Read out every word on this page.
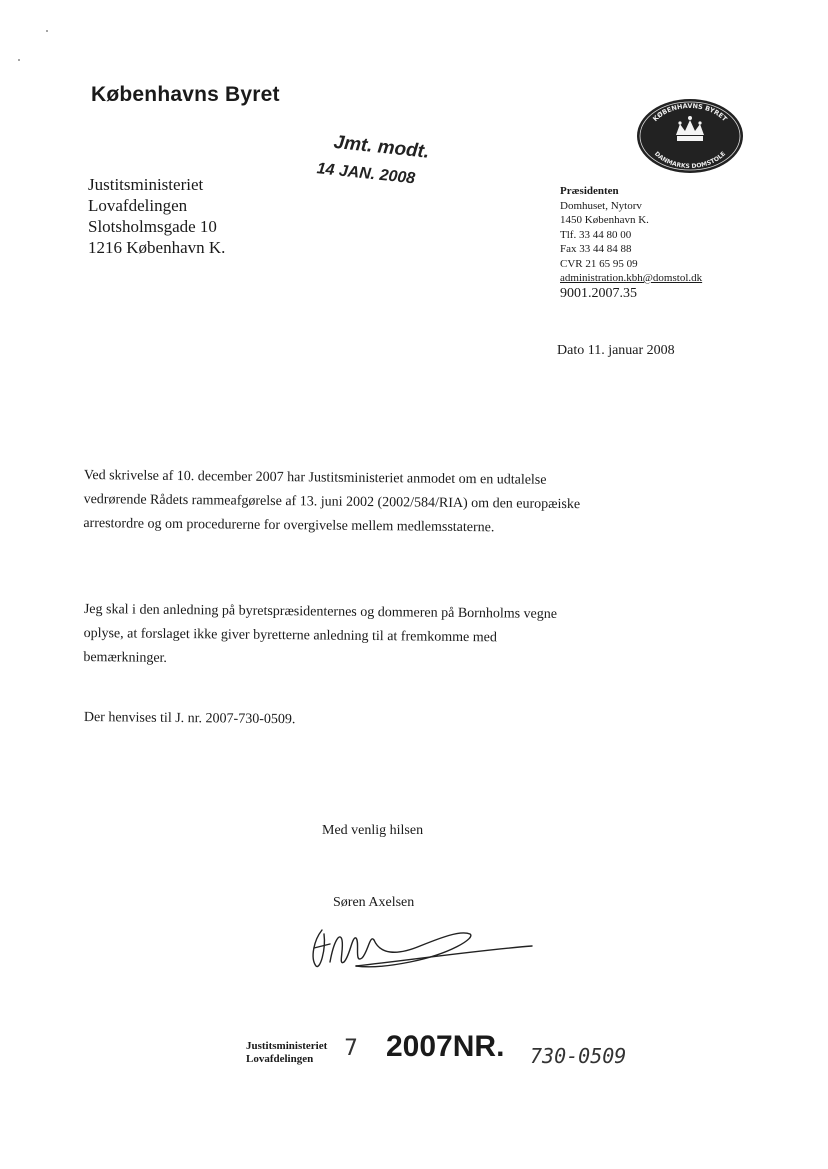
Københavns Byret
Jmt. modt.
14 JAN. 2008
Justitsministeriet
Lovafdelingen
Slotsholmsgade 10
1216 København K.
KØBENHAVNS BYRET
DANMARKS DOMSTOLE
Præsidenten
Domhuset, Nytorv
1450 København K.
Tlf. 33 44 80 00
Fax 33 44 84 88
CVR 21 65 95 09
administration.kbh@domstol.dk
9001.2007.35
Dato 11. januar 2008
Ved skrivelse af 10. december 2007 har Justitsministeriet anmodet om en udtalelse vedrørende Rådets rammeafgørelse af 13. juni 2002 (2002/584/RIA) om den europæiske arrestordre og om procedurerne for overgivelse mellem medlemsstaterne.
Jeg skal i den anledning på byretspræsidenternes og dommeren på Bornholms vegne oplyse, at forslaget ikke giver byretterne anledning til at fremkomme med bemærkninger.
Der henvises til J. nr. 2007-730-0509.
Med venlig hilsen
Søren Axelsen
Justitsministeriet
Lovafdelingen	7 2007NR. 730-0509
